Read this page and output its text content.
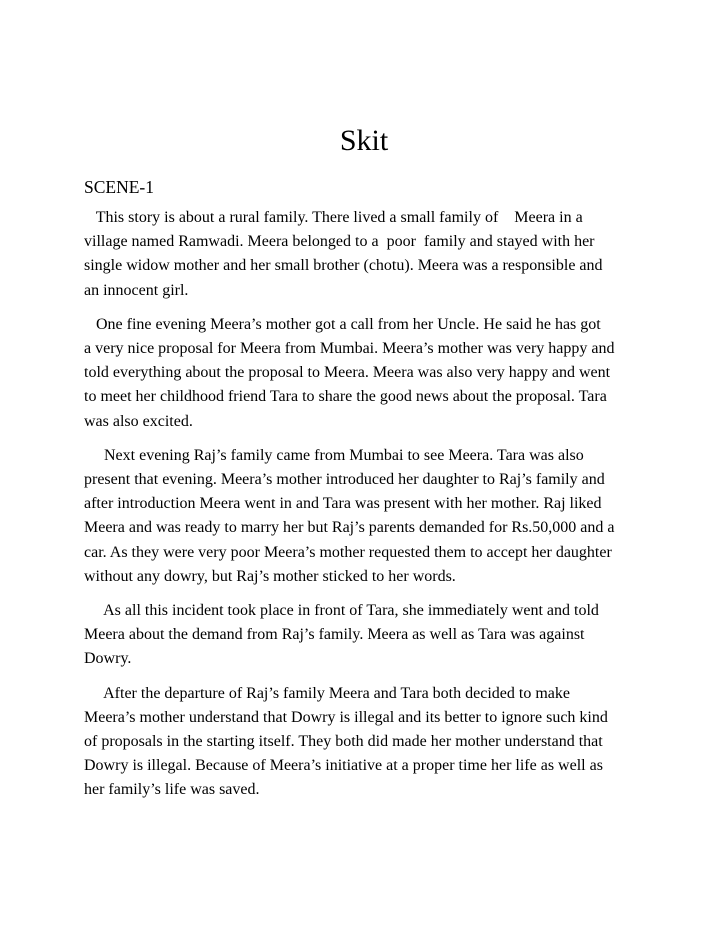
Skit
SCENE-1
This story is about a rural family. There lived a small family of    Meera in a
village named Ramwadi. Meera belonged to a  poor  family and stayed with her
single widow mother and her small brother (chotu). Meera was a responsible and
an innocent girl.
One fine evening Meera’s mother got a call from her Uncle. He said he has got
a very nice proposal for Meera from Mumbai. Meera’s mother was very happy and
told everything about the proposal to Meera. Meera was also very happy and went
to meet her childhood friend Tara to share the good news about the proposal. Tara
was also excited.
Next evening Raj’s family came from Mumbai to see Meera. Tara was also
present that evening. Meera’s mother introduced her daughter to Raj’s family and
after introduction Meera went in and Tara was present with her mother. Raj liked
Meera and was ready to marry her but Raj’s parents demanded for Rs.50,000 and a
car. As they were very poor Meera’s mother requested them to accept her daughter
without any dowry, but Raj’s mother sticked to her words.
As all this incident took place in front of Tara, she immediately went and told
Meera about the demand from Raj’s family. Meera as well as Tara was against
Dowry.
After the departure of Raj’s family Meera and Tara both decided to make
Meera’s mother understand that Dowry is illegal and its better to ignore such kind
of proposals in the starting itself. They both did made her mother understand that
Dowry is illegal. Because of Meera’s initiative at a proper time her life as well as
her family’s life was saved.
